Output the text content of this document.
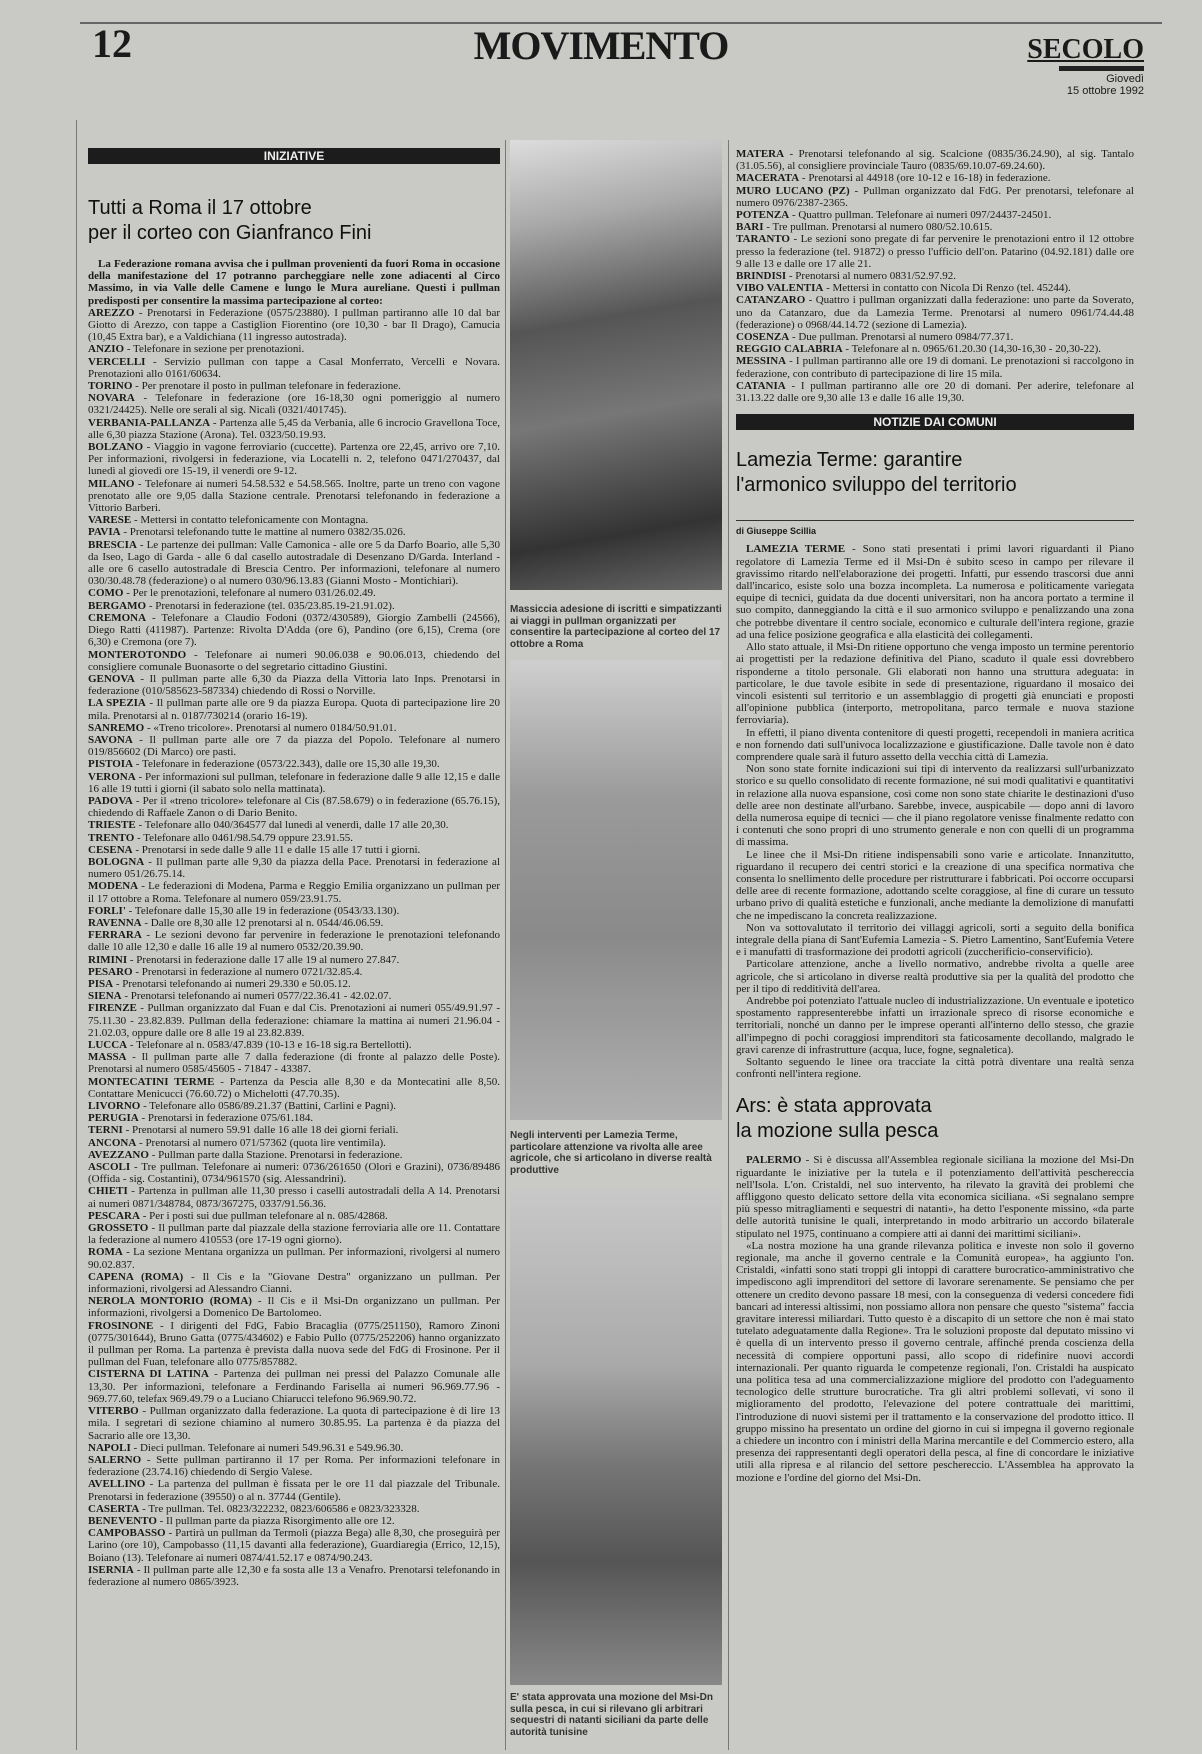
12	MOVIMENTO	SECOLO
Giovedì
15 ottobre 1992
INIZIATIVE
Tutti a Roma il 17 ottobre
per il corteo con Gianfranco Fini

La Federazione romana avvisa che i pullman provenienti da fuori Roma in occasione della manifestazione del 17 potranno parcheggiare nelle zone adiacenti al Circo Massimo, in via Valle delle Camene e lungo le Mura aureliane. Questi i pullman predisposti per consentire la massima partecipazione al corteo:

AREZZO - Prenotarsi in Federazione (0575/23880). I pullman partiranno alle 10 dal bar Giotto di Arezzo, con tappe a Castiglion Fiorentino (ore 10,30 - bar Il Drago), Camucia (10,45 Extra bar), e a Valdichiana (11 ingresso autostrada).

ANZIO - Telefonare in sezione per prenotazioni.

VERCELLI - Servizio pullman con tappe a Casal Monferrato, Vercelli e Novara. Prenotazioni allo 0161/60634.

TORINO - Per prenotare il posto in pullman telefonare in federazione.

NOVARA - Telefonare in federazione (ore 16-18,30 ogni pomeriggio al numero 0321/24425). Nelle ore serali al sig. Nicali (0321/401745).

VERBANIA-PALLANZA - Partenza alle 5,45 da Verbania, alle 6 incrocio Gravellona Toce, alle 6,30 piazza Stazione (Arona). Tel. 0323/50.19.93.

BOLZANO - Viaggio in vagone ferroviario (cuccette). Partenza ore 22,45, arrivo ore 7,10. Per informazioni, rivolgersi in federazione, via Locatelli n. 2, telefono 0471/270437, dal lunedì al giovedì ore 15-19, il venerdì ore 9-12.

MILANO - Telefonare ai numeri 54.58.532 e 54.58.565. Inoltre, parte un treno con vagone prenotato alle ore 9,05 dalla Stazione centrale. Prenotarsi telefonando in federazione a Vittorio Barberi.

VARESE - Mettersi in contatto telefonicamente con Montagna.

PAVIA - Prenotarsi telefonando tutte le mattine al numero 0382/35.026.

BRESCIA - Le partenze dei pullman: Valle Camonica - alle ore 5 da Darfo Boario, alle 5,30 da Iseo, Lago di Garda - alle 6 dal casello autostradale di Desenzano D/Garda. Interland - alle ore 6 casello autostradale di Brescia Centro. Per informazioni, telefonare al numero 030/30.48.78 (federazione) o al numero 030/96.13.83 (Gianni Mosto - Montichiari).

COMO - Per le prenotazioni, telefonare al numero 031/26.02.49.

BERGAMO - Prenotarsi in federazione (tel. 035/23.85.19-21.91.02).

CREMONA - Telefonare a Claudio Fodoni (0372/430589), Giorgio Zambelli (24566), Diego Ratti (411987). Partenze: Rivolta D'Adda (ore 6), Pandino (ore 6,15), Crema (ore 6,30) e Cremona (ore 7).

MONTEROTONDO - Telefonare ai numeri 90.06.038 e 90.06.013, chiedendo del consigliere comunale Buonasorte o del segretario cittadino Giustini.

GENOVA - Il pullman parte alle 6,30 da Piazza della Vittoria lato Inps. Prenotarsi in federazione (010/585623-587334) chiedendo di Rossi o Norville.

LA SPEZIA - Il pullman parte alle ore 9 da piazza Europa. Quota di partecipazione lire 20 mila. Prenotarsi al n. 0187/730214 (orario 16-19).

SANREMO - «Treno tricolore». Prenotarsi al numero 0184/50.91.01.

SAVONA - Il pullman parte alle ore 7 da piazza del Popolo. Telefonare al numero 019/856602 (Di Marco) ore pasti.

PISTOIA - Telefonare in federazione (0573/22.343), dalle ore 15,30 alle 19,30.

VERONA - Per informazioni sul pullman, telefonare in federazione dalle 9 alle 12,15 e dalle 16 alle 19 tutti i giorni (il sabato solo nella mattinata).

PADOVA - Per il «treno tricolore» telefonare al Cis (87.58.679) o in federazione (65.76.15), chiedendo di Raffaele Zanon o di Dario Benito.

TRIESTE - Telefonare allo 040/364577 dal lunedì al venerdì, dalle 17 alle 20,30.

TRENTO - Telefonare allo 0461/98.54.79 oppure 23.91.55.

CESENA - Prenotarsi in sede dalle 9 alle 11 e dalle 15 alle 17 tutti i giorni.

BOLOGNA - Il pullman parte alle 9,30 da piazza della Pace. Prenotarsi in federazione al numero 051/26.75.14.

MODENA - Le federazioni di Modena, Parma e Reggio Emilia organizzano un pullman per il 17 ottobre a Roma. Telefonare al numero 059/23.91.75.

FORLI' - Telefonare dalle 15,30 alle 19 in federazione (0543/33.130).

RAVENNA - Dalle ore 8,30 alle 12 prenotarsi al n. 0544/46.06.59.

FERRARA - Le sezioni devono far pervenire in federazione le prenotazioni telefonando dalle 10 alle 12,30 e dalle 16 alle 19 al numero 0532/20.39.90.

RIMINI - Prenotarsi in federazione dalle 17 alle 19 al numero 27.847.

PESARO - Prenotarsi in federazione al numero 0721/32.85.4.

PISA - Prenotarsi telefonando ai numeri 29.330 e 50.05.12.

SIENA - Prenotarsi telefonando ai numeri 0577/22.36.41 - 42.02.07.

FIRENZE - Pullman organizzato dal Fuan e dal Cis. Prenotazioni ai numeri 055/49.91.97 - 75.11.30 - 23.82.839. Pullman della federazione: chiamare la mattina ai numeri 21.96.04 - 21.02.03, oppure dalle ore 8 alle 19 al 23.82.839.

LUCCA - Telefonare al n. 0583/47.839 (10-13 e 16-18 sig.ra Bertellotti).

MASSA - Il pullman parte alle 7 dalla federazione (di fronte al palazzo delle Poste). Prenotarsi al numero 0585/45605 - 71847 - 43387.

MONTECATINI TERME - Partenza da Pescia alle 8,30 e da Montecatini alle 8,50. Contattare Menicucci (76.60.72) o Michelotti (47.70.35).

LIVORNO - Telefonare allo 0586/89.21.37 (Battini, Carlini e Pagni).

PERUGIA - Prenotarsi in federazione 075/61.184.

TERNI - Prenotarsi al numero 59.91 dalle 16 alle 18 dei giorni feriali.

ANCONA - Prenotarsi al numero 071/57362 (quota lire ventimila).

AVEZZANO - Pullman parte dalla Stazione. Prenotarsi in federazione.

ASCOLI - Tre pullman. Telefonare ai numeri: 0736/261650 (Olori e Grazini), 0736/89486 (Offida - sig. Costantini), 0734/961570 (sig. Alessandrini).

CHIETI - Partenza in pullman alle 11,30 presso i caselli autostradali della A 14. Prenotarsi ai numeri 0871/348784, 0873/367275, 0337/91.56.36.

PESCARA - Per i posti sui due pullman telefonare al n. 085/42868.

GROSSETO - Il pullman parte dal piazzale della stazione ferroviaria alle ore 11. Contattare la federazione al numero 410553 (ore 17-19 ogni giorno).

ROMA - La sezione Mentana organizza un pullman. Per informazioni, rivolgersi al numero 90.02.837.

CAPENA (ROMA) - Il Cis e la "Giovane Destra" organizzano un pullman. Per informazioni, rivolgersi ad Alessandro Cianni.

NEROLA MONTORIO (ROMA) - Il Cis e il Msi-Dn organizzano un pullman. Per informazioni, rivolgersi a Domenico De Bartolomeo.

FROSINONE - I dirigenti del FdG, Fabio Bracaglia (0775/251150), Ramoro Zinoni (0775/301644), Bruno Gatta (0775/434602) e Fabio Pullo (0775/252206) hanno organizzato il pullman per Roma. La partenza è prevista dalla nuova sede del FdG di Frosinone. Per il pullman del Fuan, telefonare allo 0775/857882.

CISTERNA DI LATINA - Partenza dei pullman nei pressi del Palazzo Comunale alle 13,30. Per informazioni, telefonare a Ferdinando Farisella ai numeri 96.969.77.96 - 969.77.60, telefax 969.49.79 o a Luciano Chiarucci telefono 96.969.90.72.

VITERBO - Pullman organizzato dalla federazione. La quota di partecipazione è di lire 13 mila. I segretari di sezione chiamino al numero 30.85.95. La partenza è da piazza del Sacrario alle ore 13,30.

NAPOLI - Dieci pullman. Telefonare ai numeri 549.96.31 e 549.96.30.

SALERNO - Sette pullman partiranno il 17 per Roma. Per informazioni telefonare in federazione (23.74.16) chiedendo di Sergio Valese.

AVELLINO - La partenza del pullman è fissata per le ore 11 dal piazzale del Tribunale. Prenotarsi in federazione (39550) o al n. 37744 (Gentile).

CASERTA - Tre pullman. Tel. 0823/322232, 0823/606586 e 0823/323328.

BENEVENTO - Il pullman parte da piazza Risorgimento alle ore 12.

CAMPOBASSO - Partirà un pullman da Termoli (piazza Bega) alle 8,30, che proseguirà per Larino (ore 10), Campobasso (11,15 davanti alla federazione), Guardiaregia (Errico, 12,15), Boiano (13). Telefonare ai numeri 0874/41.52.17 e 0874/90.243.

ISERNIA - Il pullman parte alle 12,30 e fa sosta alle 13 a Venafro. Prenotarsi telefonando in federazione al numero 0865/3923.

Massiccia adesione di iscritti e simpatizzanti ai viaggi in pullman organizzati per consentire la partecipazione al corteo del 17 ottobre a Roma
Negli interventi per Lamezia Terme, particolare attenzione va rivolta alle aree agricole, che si articolano in diverse realtà produttive
E' stata approvata una mozione del Msi-Dn sulla pesca, in cui si rilevano gli arbitrari sequestri di natanti siciliani da parte delle autorità tunisine

MATERA - Prenotarsi telefonando al sig. Scalcione (0835/36.24.90), al sig. Tantalo (31.05.56), al consigliere provinciale Tauro (0835/69.10.07-69.24.60).

MACERATA - Prenotarsi al 44918 (ore 10-12 e 16-18) in federazione.

MURO LUCANO (PZ) - Pullman organizzato dal FdG. Per prenotarsi, telefonare al numero 0976/2387-2365.

POTENZA - Quattro pullman. Telefonare ai numeri 097/24437-24501.

BARI - Tre pullman. Prenotarsi al numero 080/52.10.615.

TARANTO - Le sezioni sono pregate di far pervenire le prenotazioni entro il 12 ottobre presso la federazione (tel. 91872) o presso l'ufficio dell'on. Patarino (04.92.181) dalle ore 9 alle 13 e dalle ore 17 alle 21.

BRINDISI - Prenotarsi al numero 0831/52.97.92.

VIBO VALENTIA - Mettersi in contatto con Nicola Di Renzo (tel. 45244).

CATANZARO - Quattro i pullman organizzati dalla federazione: uno parte da Soverato, uno da Catanzaro, due da Lamezia Terme. Prenotarsi al numero 0961/74.44.48 (federazione) o 0968/44.14.72 (sezione di Lamezia).

COSENZA - Due pullman. Prenotarsi al numero 0984/77.371.

REGGIO CALABRIA - Telefonare al n. 0965/61.20.30 (14,30-16,30 - 20,30-22).

MESSINA - I pullman partiranno alle ore 19 di domani. Le prenotazioni si raccolgono in federazione, con contributo di partecipazione di lire 15 mila.

CATANIA - I pullman partiranno alle ore 20 di domani. Per aderire, telefonare al 31.13.22 dalle ore 9,30 alle 13 e dalle 16 alle 19,30.

NOTIZIE DAI COMUNI
Lamezia Terme: garantire
l'armonico sviluppo del territorio
di Giuseppe Scillia

LAMEZIA TERME - Sono stati presentati i primi lavori riguardanti il Piano regolatore di Lamezia Terme ed il Msi-Dn è subito sceso in campo per rilevare il gravissimo ritardo nell'elaborazione dei progetti. Infatti, pur essendo trascorsi due anni dall'incarico, esiste solo una bozza incompleta. La numerosa e politicamente variegata equipe di tecnici, guidata da due docenti universitari, non ha ancora portato a termine il suo compito, danneggiando la città e il suo armonico sviluppo e penalizzando una zona che potrebbe diventare il centro sociale, economico e culturale dell'intera regione, grazie ad una felice posizione geografica e alla elasticità dei collegamenti.

Allo stato attuale, il Msi-Dn ritiene opportuno che venga imposto un termine perentorio ai progettisti per la redazione definitiva del Piano, scaduto il quale essi dovrebbero risponderne a titolo personale. Gli elaborati non hanno una struttura adeguata: in particolare, le due tavole esibite in sede di presentazione, riguardano il mosaico dei vincoli esistenti sul territorio e un assemblaggio di progetti già enunciati e proposti all'opinione pubblica (interporto, metropolitana, parco termale e nuova stazione ferroviaria).

In effetti, il piano diventa contenitore di questi progetti, recependoli in maniera acritica e non fornendo dati sull'univoca localizzazione e giustificazione. Dalle tavole non è dato comprendere quale sarà il futuro assetto della vecchia città di Lamezia.

Non sono state fornite indicazioni sui tipi di intervento da realizzarsi sull'urbanizzato storico e su quello consolidato di recente formazione, né sui modi qualitativi e quantitativi in relazione alla nuova espansione, così come non sono state chiarite le destinazioni d'uso delle aree non destinate all'urbano. Sarebbe, invece, auspicabile — dopo anni di lavoro della numerosa equipe di tecnici — che il piano regolatore venisse finalmente redatto con i contenuti che sono propri di uno strumento generale e non con quelli di un programma di massima.

Le linee che il Msi-Dn ritiene indispensabili sono varie e articolate. Innanzitutto, riguardano il recupero dei centri storici e la creazione di una specifica normativa che consenta lo snellimento delle procedure per ristrutturare i fabbricati. Poi occorre occuparsi delle aree di recente formazione, adottando scelte coraggiose, al fine di curare un tessuto urbano privo di qualità estetiche e funzionali, anche mediante la demolizione di manufatti che ne impediscano la concreta realizzazione.

Non va sottovalutato il territorio dei villaggi agricoli, sorti a seguito della bonifica integrale della piana di Sant'Eufemia Lamezia - S. Pietro Lamentino, Sant'Eufemia Vetere e i manufatti di trasformazione dei prodotti agricoli (zuccherificio-conservificio).

Particolare attenzione, anche a livello normativo, andrebbe rivolta a quelle aree agricole, che si articolano in diverse realtà produttive sia per la qualità del prodotto che per il tipo di redditività dell'area.

Andrebbe poi potenziato l'attuale nucleo di industrializzazione. Un eventuale e ipotetico spostamento rappresenterebbe infatti un irrazionale spreco di risorse economiche e territoriali, nonché un danno per le imprese operanti all'interno dello stesso, che grazie all'impegno di pochi coraggiosi imprenditori sta faticosamente decollando, malgrado le gravi carenze di infrastrutture (acqua, luce, fogne, segnaletica).

Soltanto seguendo le linee ora tracciate la città potrà diventare una realtà senza confronti nell'intera regione.

Ars: è stata approvata
la mozione sulla pesca

PALERMO - Si è discussa all'Assemblea regionale siciliana la mozione del Msi-Dn riguardante le iniziative per la tutela e il potenziamento dell'attività peschereccia nell'Isola. L'on. Cristaldi, nel suo intervento, ha rilevato la gravità dei problemi che affliggono questo delicato settore della vita economica siciliana. «Si segnalano sempre più spesso mitragliamenti e sequestri di natanti», ha detto l'esponente missino, «da parte delle autorità tunisine le quali, interpretando in modo arbitrario un accordo bilaterale stipulato nel 1975, continuano a compiere atti ai danni dei marittimi siciliani».

«La nostra mozione ha una grande rilevanza politica e investe non solo il governo regionale, ma anche il governo centrale e la Comunità europea», ha aggiunto l'on. Cristaldi, «infatti sono stati troppi gli intoppi di carattere burocratico-amministrativo che impediscono agli imprenditori del settore di lavorare serenamente. Se pensiamo che per ottenere un credito devono passare 18 mesi, con la conseguenza di vedersi concedere fidi bancari ad interessi altissimi, non possiamo allora non pensare che questo "sistema" faccia gravitare interessi miliardari. Tutto questo è a discapito di un settore che non è mai stato tutelato adeguatamente dalla Regione». Tra le soluzioni proposte dal deputato missino vi è quella di un intervento presso il governo centrale, affinché prenda coscienza della necessità di compiere opportuni passi, allo scopo di ridefinire nuovi accordi internazionali. Per quanto riguarda le competenze regionali, l'on. Cristaldi ha auspicato una politica tesa ad una commercializzazione migliore del prodotto con l'adeguamento tecnologico delle strutture burocratiche. Tra gli altri problemi sollevati, vi sono il miglioramento del prodotto, l'elevazione del potere contrattuale dei marittimi, l'introduzione di nuovi sistemi per il trattamento e la conservazione del prodotto ittico. Il gruppo missino ha presentato un ordine del giorno in cui si impegna il governo regionale a chiedere un incontro con i ministri della Marina mercantile e del Commercio estero, alla presenza dei rappresentanti degli operatori della pesca, al fine di concordare le iniziative utili alla ripresa e al rilancio del settore peschereccio. L'Assemblea ha approvato la mozione e l'ordine del giorno del Msi-Dn.
